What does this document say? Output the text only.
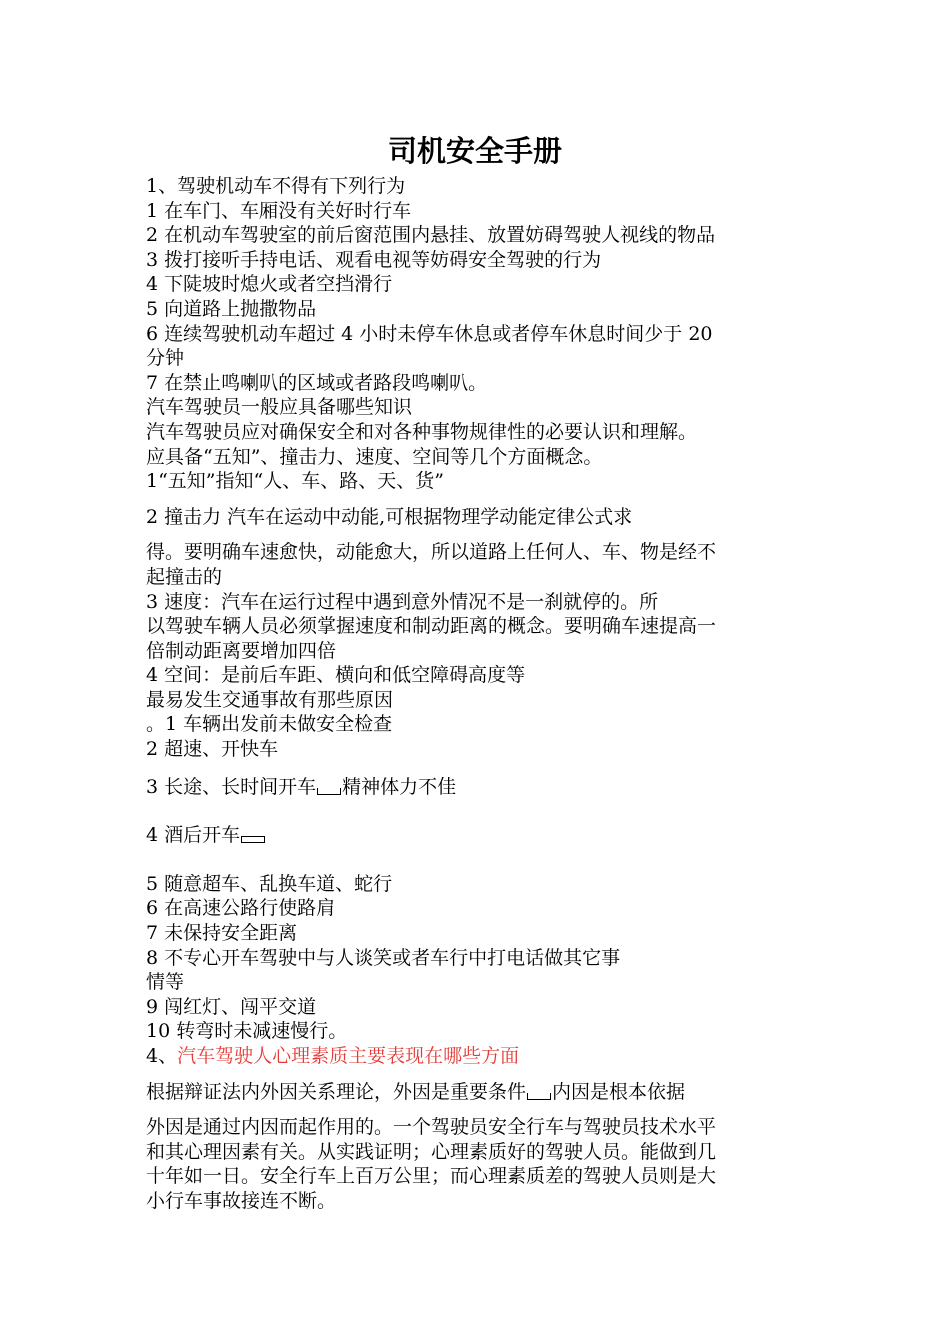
司机安全手册

1、驾驶机动车不得有下列行为

1 在车门、车厢没有关好时行车

2 在机动车驾驶室的前后窗范围内悬挂、放置妨碍驾驶人视线的物品

3 拨打接听手持电话、观看电视等妨碍安全驾驶的行为

4 下陡坡时熄火或者空挡滑行

5 向道路上抛撒物品

6 连续驾驶机动车超过 4 小时未停车休息或者停车休息时间少于 20

分钟

7 在禁止鸣喇叭的区域或者路段鸣喇叭。

汽车驾驶员一般应具备哪些知识

汽车驾驶员应对确保安全和对各种事物规律性的必要认识和理解。

应具备“五知”、撞击力、速度、空间等几个方面概念。

1“五知”指知“人、车、路、天、货”

2 撞击力 汽车在运动中动能,可根据物理学动能定律公式求

得。要明确车速愈快，动能愈大，所以道路上任何人、车、物是经不

起撞击的

3 速度：汽车在运行过程中遇到意外情况不是一刹就停的。所

以驾驶车辆人员必须掌握速度和制动距离的概念。要明确车速提高一

倍制动距离要增加四倍

4 空间：是前后车距、横向和低空障碍高度等

最易发生交通事故有那些原因

。1 车辆出发前未做安全检查

2 超速、开快车

3 长途、长时间开车 精神体力不佳

4 酒后开车

5 随意超车、乱换车道、蛇行

6 在高速公路行使路肩

7 未保持安全距离

8 不专心开车驾驶中与人谈笑或者车行中打电话做其它事

情等

9 闯红灯、闯平交道

10 转弯时未减速慢行。

4、汽车驾驶人心理素质主要表现在哪些方面

根据辩证法内外因关系理论，外因是重要条件 内因是根本依据

外因是通过内因而起作用的。一个驾驶员安全行车与驾驶员技术水平

和其心理因素有关。从实践证明；心理素质好的驾驶人员。能做到几

十年如一日。安全行车上百万公里；而心理素质差的驾驶人员则是大

小行车事故接连不断。
